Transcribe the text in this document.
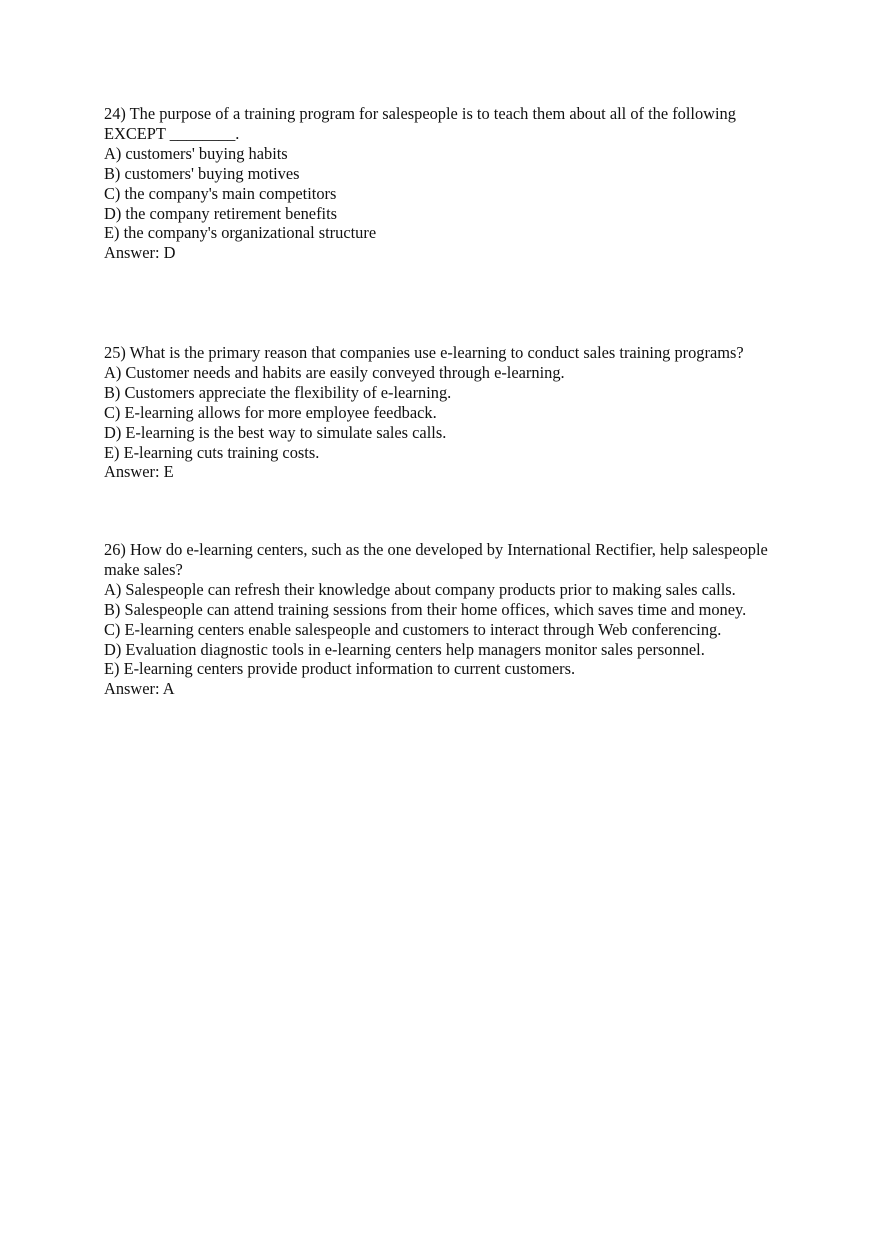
24) The purpose of a training program for salespeople is to teach them about all of the following EXCEPT ________.
A) customers' buying habits
B) customers' buying motives
C) the company's main competitors
D) the company retirement benefits
E) the company's organizational structure
Answer: D
25) What is the primary reason that companies use e-learning to conduct sales training programs?
A) Customer needs and habits are easily conveyed through e-learning.
B) Customers appreciate the flexibility of e-learning.
C) E-learning allows for more employee feedback.
D) E-learning is the best way to simulate sales calls.
E) E-learning cuts training costs.
Answer: E
26) How do e-learning centers, such as the one developed by International Rectifier, help salespeople make sales?
A) Salespeople can refresh their knowledge about company products prior to making sales calls.
B) Salespeople can attend training sessions from their home offices, which saves time and money.
C) E-learning centers enable salespeople and customers to interact through Web conferencing.
D) Evaluation diagnostic tools in e-learning centers help managers monitor sales personnel.
E) E-learning centers provide product information to current customers.
Answer: A
